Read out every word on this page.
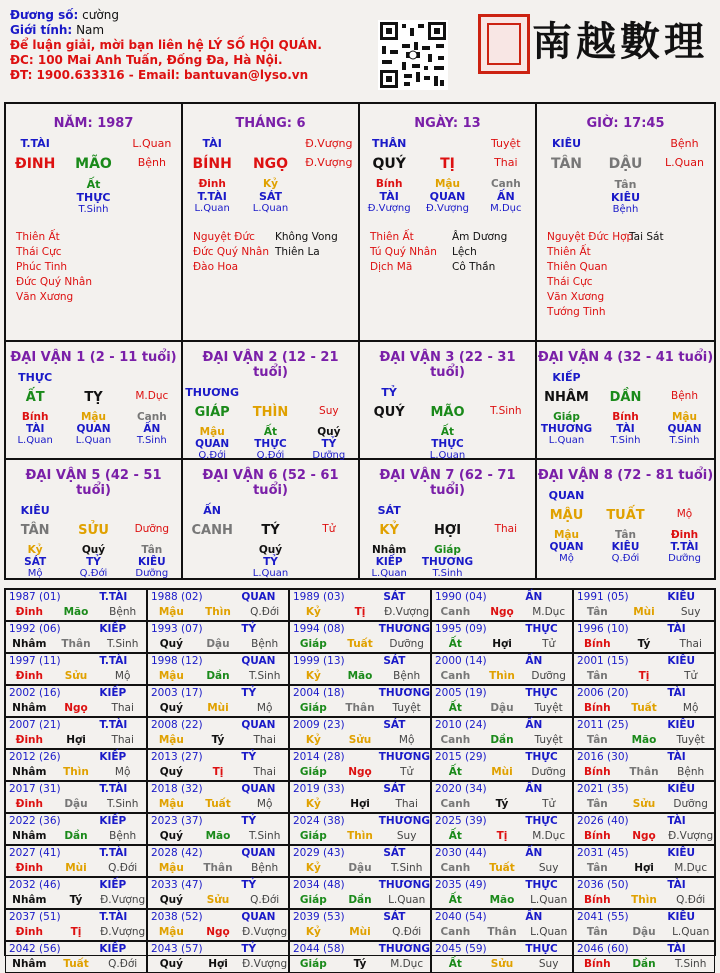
Đương số: cường
Giới tính: Nam
Để luận giải, mời bạn liên hệ LÝ SỐ HỘI QUÁN.
ĐC: 100 Mai Anh Tuấn, Đống Đa, Hà Nội.
ĐT: 1900.633316 - Email: bantuvan@lyso.vn
南越數理
NĂM: 1987
T.TÀI	L.Quan
ĐINH	MÃO	Bệnh
Ất
THỰC
T.Sinh
Thiên Ất
Thái Cực
Phúc Tinh
Đức Quý Nhân
Văn Xương
THÁNG: 6
TÀI	Đ.Vượng
BÍNH	NGỌ	Đ.Vượng
Đinh	Kỷ
T.TÀI	SÁT
L.Quan	L.Quan
Nguyệt Đức
Đức Quý Nhân
Đào Hoa
Không Vong
Thiên La
NGÀY: 13
THÂN	Tuyệt
QUÝ	TỊ	Thai
Bính	Mậu	Canh
TÀI	QUAN	ẤN
Đ.Vượng	Đ.Vượng	M.Dục
Thiên Ất
Tú Quý Nhân
Dịch Mã
Âm Dương Lệch
Cô Thần
GIỜ: 17:45
KIÊU	Bệnh
TÂN	DẬU	L.Quan
Tân
KIÊU
Bệnh
Nguyệt Đức Hợp
Thiên Ất
Thiên Quan
Thái Cực
Văn Xương
Tướng Tinh
Tai Sát
ĐẠI VẬN 1 (2 - 11 tuổi)
THỰC
ẤT	TỴ	M.Dục
Bính	Mậu	Canh
TÀI	QUAN	ẤN
L.Quan	L.Quan	T.Sinh
ĐẠI VẬN 2 (12 - 21 tuổi)
THƯƠNG
GIÁP	THÌN	Suy
Mậu	Ất	Quý
QUAN	THỰC	TỶ
Q.Đới	Q.Đới	Dưỡng
ĐẠI VẬN 3 (22 - 31 tuổi)
TỶ
QUÝ	MÃO	T.Sinh
Ất
THỰC
L.Quan
ĐẠI VẬN 4 (32 - 41 tuổi)
KIẾP
NHÂM	DẦN	Bệnh
Giáp	Bính	Mậu
THƯƠNG	TÀI	QUAN
L.Quan	T.Sinh	T.Sinh
ĐẠI VẬN 5 (42 - 51 tuổi)
KIÊU
TÂN	SỬU	Dưỡng
Kỷ	Quý	Tân
SÁT	TỶ	KIÊU
Mộ	Q.Đới	Dưỡng
ĐẠI VẬN 6 (52 - 61 tuổi)
ẤN
CANH	TÝ	Tử
Quý
TỶ
L.Quan
ĐẠI VẬN 7 (62 - 71 tuổi)
SÁT
KỶ	HỢI	Thai
Nhâm	Giáp
KIẾP	THƯƠNG
L.Quan	T.Sinh
ĐẠI VẬN 8 (72 - 81 tuổi)
QUAN
MẬU	TUẤT	Mộ
Mậu	Tân	Đinh
QUAN	KIÊU	T.TÀI
Mộ	Q.Đới	Dưỡng
1987 (01)	T.TÀI
Đinh	Mão	Bệnh
1988 (02)	QUAN
Mậu	Thìn	Q.Đới
1989 (03)	SÁT
Kỷ	Tị	Đ.Vượng
1990 (04)	ẤN
Canh	Ngọ	M.Dục
1991 (05)	KIÊU
Tân	Mùi	Suy
1992 (06)	KIẾP
Nhâm	Thân	T.Sinh
1993 (07)	TỶ
Quý	Dậu	Bệnh
1994 (08)	THƯƠNG
Giáp	Tuất	Dưỡng
1995 (09)	THỰC
Ất	Hợi	Tử
1996 (10)	TÀI
Bính	Tý	Thai
1997 (11)	T.TÀI
Đinh	Sửu	Mộ
1998 (12)	QUAN
Mậu	Dần	T.Sinh
1999 (13)	SÁT
Kỷ	Mão	Bệnh
2000 (14)	ẤN
Canh	Thìn	Dưỡng
2001 (15)	KIÊU
Tân	Tị	Tử
2002 (16)	KIẾP
Nhâm	Ngọ	Thai
2003 (17)	TỶ
Quý	Mùi	Mộ
2004 (18)	THƯƠNG
Giáp	Thân	Tuyệt
2005 (19)	THỰC
Ất	Dậu	Tuyệt
2006 (20)	TÀI
Bính	Tuất	Mộ
2007 (21)	T.TÀI
Đinh	Hợi	Thai
2008 (22)	QUAN
Mậu	Tý	Thai
2009 (23)	SÁT
Kỷ	Sửu	Mộ
2010 (24)	ẤN
Canh	Dần	Tuyệt
2011 (25)	KIÊU
Tân	Mão	Tuyệt
2012 (26)	KIẾP
Nhâm	Thìn	Mộ
2013 (27)	TỶ
Quý	Tị	Thai
2014 (28)	THƯƠNG
Giáp	Ngọ	Tử
2015 (29)	THỰC
Ất	Mùi	Dưỡng
2016 (30)	TÀI
Bính	Thân	Bệnh
2017 (31)	T.TÀI
Đinh	Dậu	T.Sinh
2018 (32)	QUAN
Mậu	Tuất	Mộ
2019 (33)	SÁT
Kỷ	Hợi	Thai
2020 (34)	ẤN
Canh	Tý	Tử
2021 (35)	KIÊU
Tân	Sửu	Dưỡng
2022 (36)	KIẾP
Nhâm	Dần	Bệnh
2023 (37)	TỶ
Quý	Mão	T.Sinh
2024 (38)	THƯƠNG
Giáp	Thìn	Suy
2025 (39)	THỰC
Ất	Tị	M.Dục
2026 (40)	TÀI
Bính	Ngọ	Đ.Vượng
2027 (41)	T.TÀI
Đinh	Mùi	Q.Đới
2028 (42)	QUAN
Mậu	Thân	Bệnh
2029 (43)	SÁT
Kỷ	Dậu	T.Sinh
2030 (44)	ẤN
Canh	Tuất	Suy
2031 (45)	KIÊU
Tân	Hợi	M.Dục
2032 (46)	KIẾP
Nhâm	Tý	Đ.Vượng
2033 (47)	TỶ
Quý	Sửu	Q.Đới
2034 (48)	THƯƠNG
Giáp	Dần	L.Quan
2035 (49)	THỰC
Ất	Mão	L.Quan
2036 (50)	TÀI
Bính	Thìn	Q.Đới
2037 (51)	T.TÀI
Đinh	Tị	Đ.Vượng
2038 (52)	QUAN
Mậu	Ngọ	Đ.Vượng
2039 (53)	SÁT
Kỷ	Mùi	Q.Đới
2040 (54)	ẤN
Canh	Thân	L.Quan
2041 (55)	KIÊU
Tân	Dậu	L.Quan
2042 (56)	KIẾP
Nhâm	Tuất	Q.Đới
2043 (57)	TỶ
Quý	Hợi	Đ.Vượng
2044 (58)	THƯƠNG
Giáp	Tý	M.Dục
2045 (59)	THỰC
Ất	Sửu	Suy
2046 (60)	TÀI
Bính	Dần	T.Sinh
